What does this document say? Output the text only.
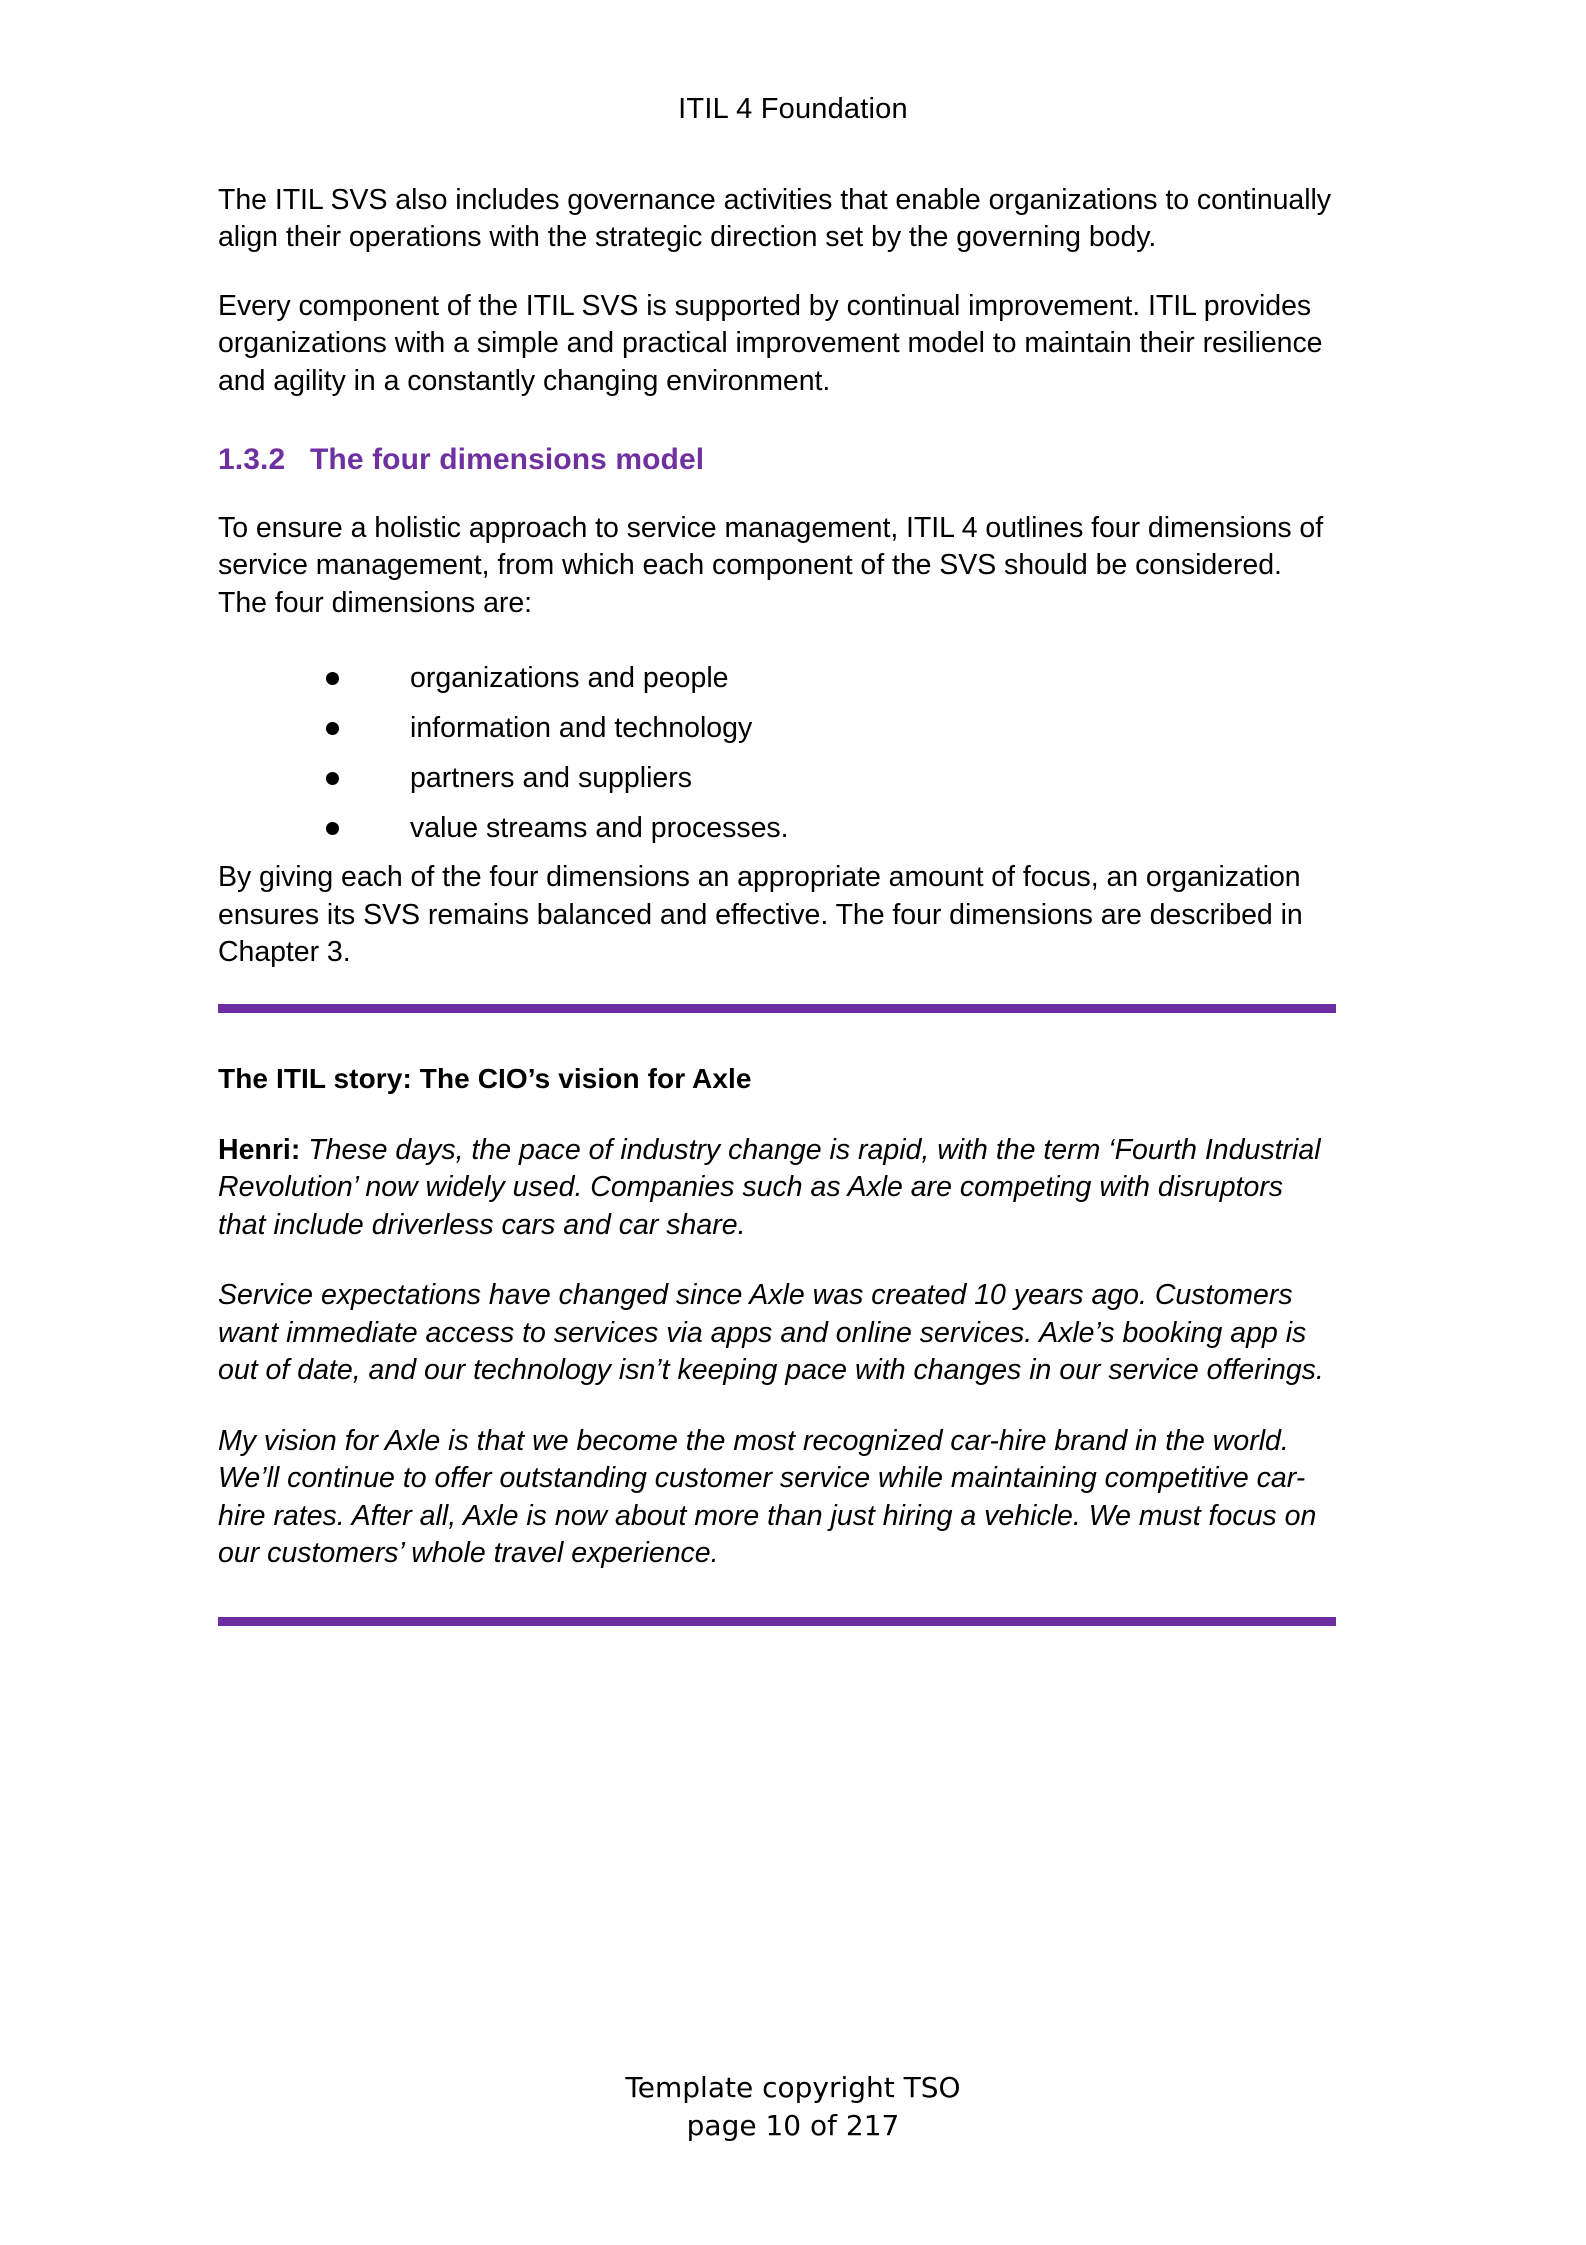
ITIL 4 Foundation

The ITIL SVS also includes governance activities that enable organizations to continually align their operations with the strategic direction set by the governing body.

Every component of the ITIL SVS is supported by continual improvement. ITIL provides organizations with a simple and practical improvement model to maintain their resilience and agility in a constantly changing environment.

1.3.2 The four dimensions model

To ensure a holistic approach to service management, ITIL 4 outlines four dimensions of service management, from which each component of the SVS should be considered. The four dimensions are:

organizations and people
information and technology
partners and suppliers
value streams and processes.

By giving each of the four dimensions an appropriate amount of focus, an organization ensures its SVS remains balanced and effective. The four dimensions are described in Chapter 3.

The ITIL story: The CIO’s vision for Axle

Henri: These days, the pace of industry change is rapid, with the term ‘Fourth Industrial Revolution’ now widely used. Companies such as Axle are competing with disruptors that include driverless cars and car share.

Service expectations have changed since Axle was created 10 years ago. Customers want immediate access to services via apps and online services. Axle’s booking app is out of date, and our technology isn’t keeping pace with changes in our service offerings.

My vision for Axle is that we become the most recognized car-hire brand in the world. We’ll continue to offer outstanding customer service while maintaining competitive car-hire rates. After all, Axle is now about more than just hiring a vehicle. We must focus on our customers’ whole travel experience.

Template copyright TSO
page 10 of 217
